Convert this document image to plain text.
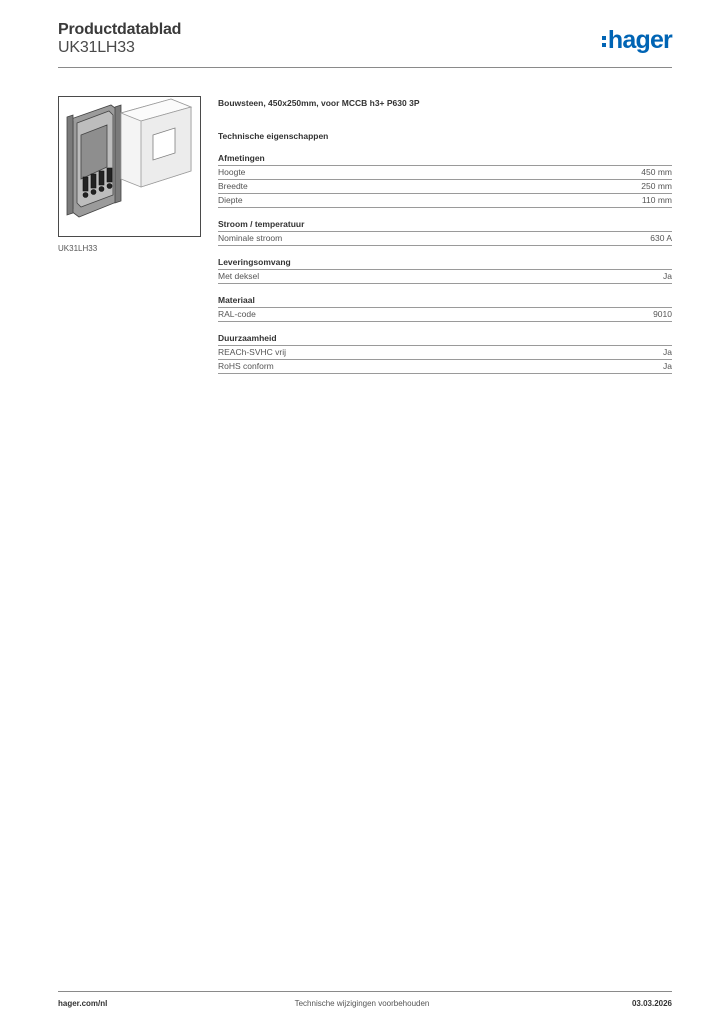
Productdatablad
UK31LH33	hager
UK31LH33
Bouwsteen, 450x250mm, voor MCCB h3+ P630 3P
Technische eigenschappen
Afmetingen
Hoogte	450 mm
Breedte	250 mm
Diepte	110 mm
Stroom / temperatuur
Nominale stroom	630 A
Leveringsomvang
Met deksel	Ja
Materiaal
RAL-code	9010
Duurzaamheid
REACh-SVHC vrij	Ja
RoHS conform	Ja
hager.com/nl	Technische wijzigingen voorbehouden	03.03.2026
